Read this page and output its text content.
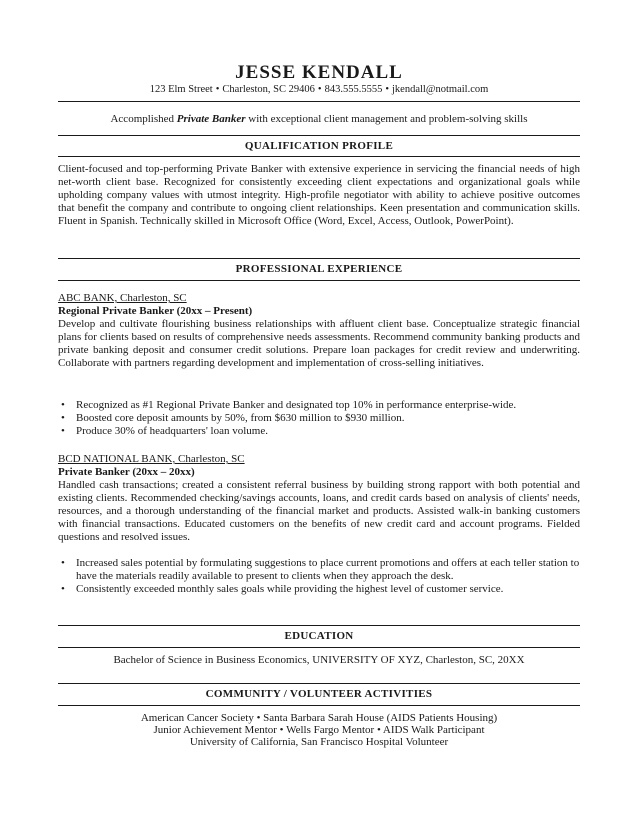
JESSE KENDALL
123 Elm Street • Charleston, SC 29406 • 843.555.5555 • jkendall@notmail.com
Accomplished Private Banker with exceptional client management and problem-solving skills
QUALIFICATION PROFILE
Client-focused and top-performing Private Banker with extensive experience in servicing the financial needs of high net-worth client base. Recognized for consistently exceeding client expectations and organizational goals while upholding company values with utmost integrity. High-profile negotiator with ability to achieve positive outcomes that benefit the company and contribute to ongoing client relationships. Keen presentation and communication skills. Fluent in Spanish. Technically skilled in Microsoft Office (Word, Excel, Access, Outlook, PowerPoint).
PROFESSIONAL EXPERIENCE
ABC BANK, Charleston, SC
Regional Private Banker (20xx – Present)
Develop and cultivate flourishing business relationships with affluent client base. Conceptualize strategic financial plans for clients based on results of comprehensive needs assessments. Recommend community banking products and private banking deposit and consumer credit solutions. Prepare loan packages for credit review and underwriting. Collaborate with partners regarding development and implementation of cross-selling initiatives.
• Recognized as #1 Regional Private Banker and designated top 10% in performance enterprise-wide.
• Boosted core deposit amounts by 50%, from $630 million to $930 million.
• Produce 30% of headquarters' loan volume.
BCD NATIONAL BANK, Charleston, SC
Private Banker (20xx – 20xx)
Handled cash transactions; created a consistent referral business by building strong rapport with both potential and existing clients. Recommended checking/savings accounts, loans, and credit cards based on analysis of clients' needs, resources, and a thorough understanding of the financial market and products. Assisted walk-in banking customers with financial transactions. Educated customers on the benefits of new credit card and account programs. Fielded questions and resolved issues.
• Increased sales potential by formulating suggestions to place current promotions and offers at each teller station to have the materials readily available to present to clients when they approach the desk.
• Consistently exceeded monthly sales goals while providing the highest level of customer service.
EDUCATION
Bachelor of Science in Business Economics, UNIVERSITY OF XYZ, Charleston, SC, 20XX
COMMUNITY / VOLUNTEER ACTIVITIES
American Cancer Society • Santa Barbara Sarah House (AIDS Patients Housing)
Junior Achievement Mentor • Wells Fargo Mentor • AIDS Walk Participant
University of California, San Francisco Hospital Volunteer
